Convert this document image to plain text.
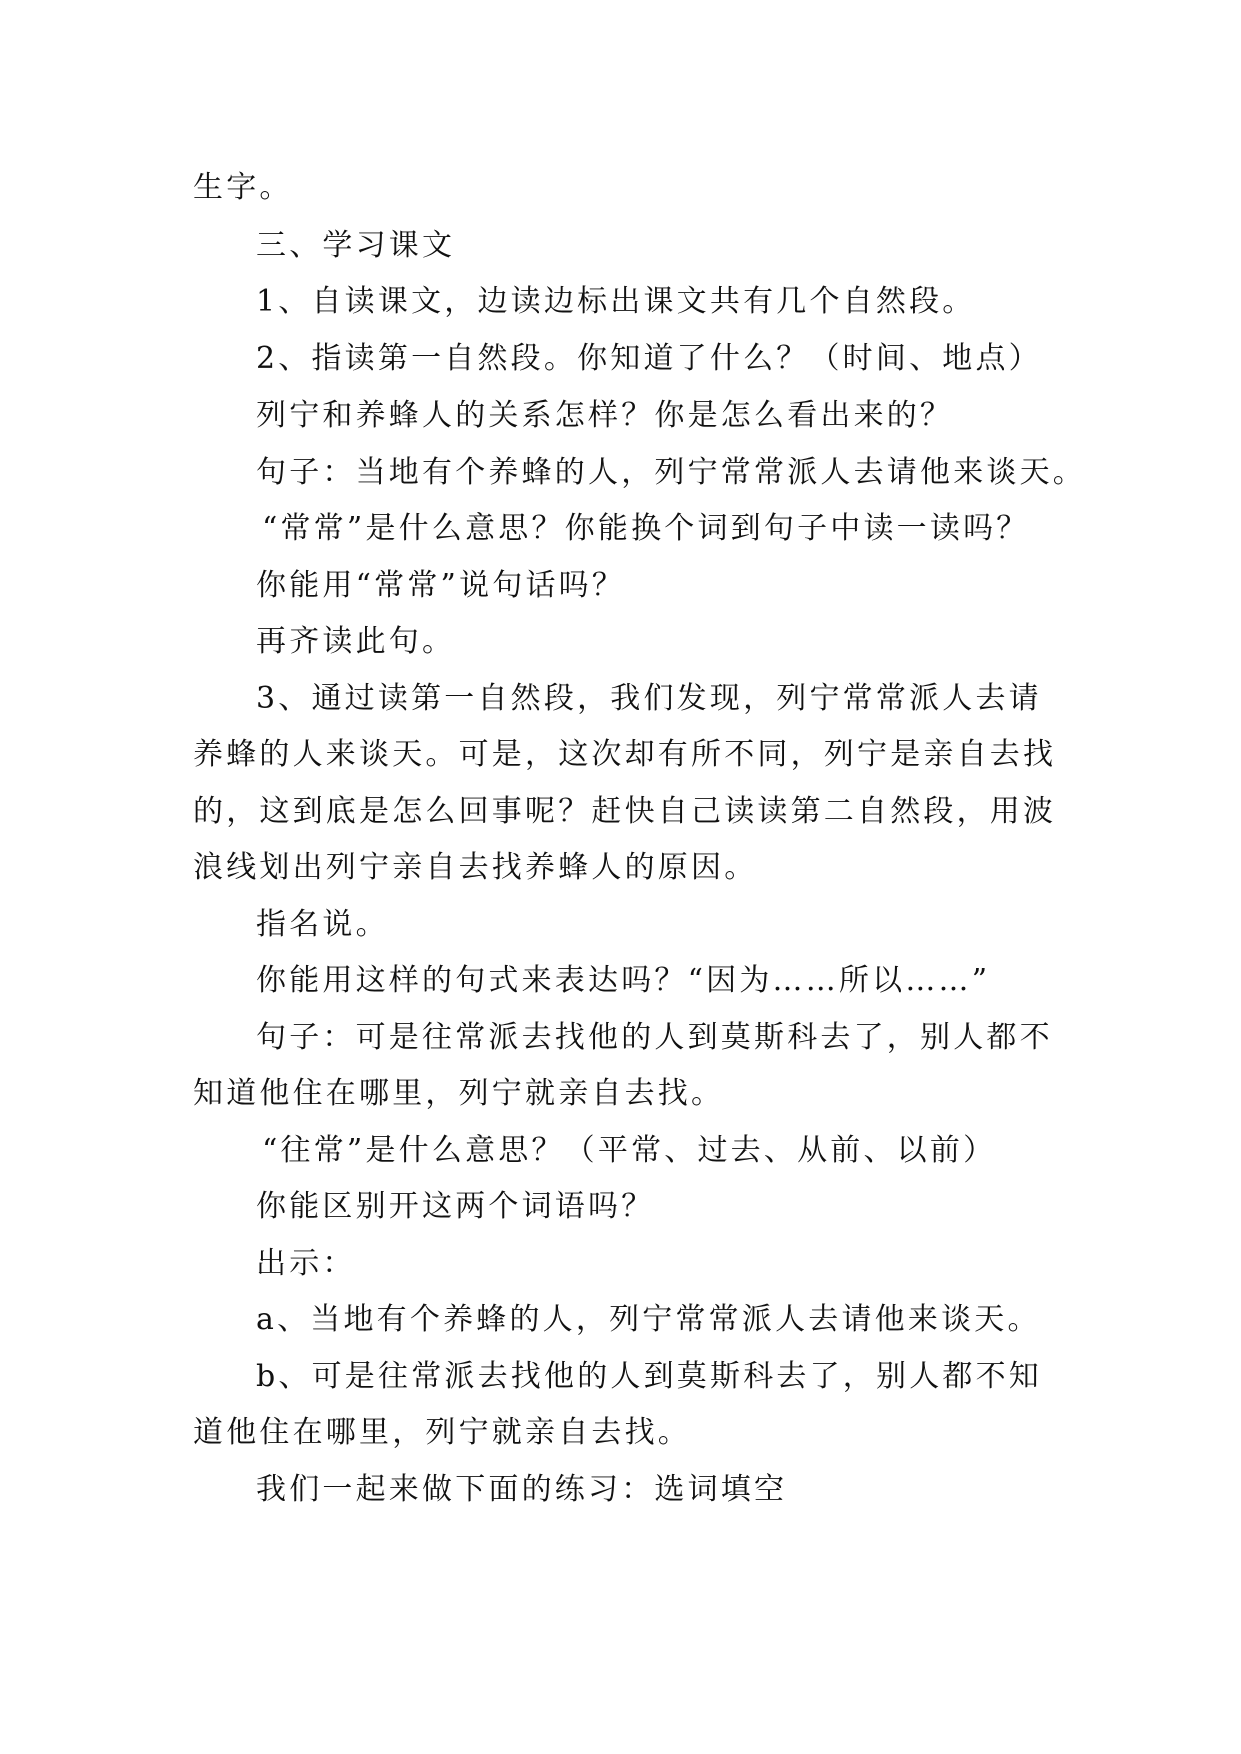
生字。
三、学习课文
1、自读课文，边读边标出课文共有几个自然段。
2、指读第一自然段。你知道了什么？（时间、地点）
列宁和养蜂人的关系怎样？你是怎么看出来的？
句子：当地有个养蜂的人，列宁常常派人去请他来谈天。
“常常”是什么意思？你能换个词到句子中读一读吗？
你能用“常常”说句话吗？
再齐读此句。
3、通过读第一自然段，我们发现，列宁常常派人去请
养蜂的人来谈天。可是，这次却有所不同，列宁是亲自去找
的，这到底是怎么回事呢？赶快自己读读第二自然段，用波
浪线划出列宁亲自去找养蜂人的原因。
指名说。
你能用这样的句式来表达吗？“因为……所以……”
句子：可是往常派去找他的人到莫斯科去了，别人都不
知道他住在哪里，列宁就亲自去找。
“往常”是什么意思？（平常、过去、从前、以前）
你能区别开这两个词语吗？
出示：
a、当地有个养蜂的人，列宁常常派人去请他来谈天。
b、可是往常派去找他的人到莫斯科去了，别人都不知
道他住在哪里，列宁就亲自去找。
我们一起来做下面的练习：选词填空
